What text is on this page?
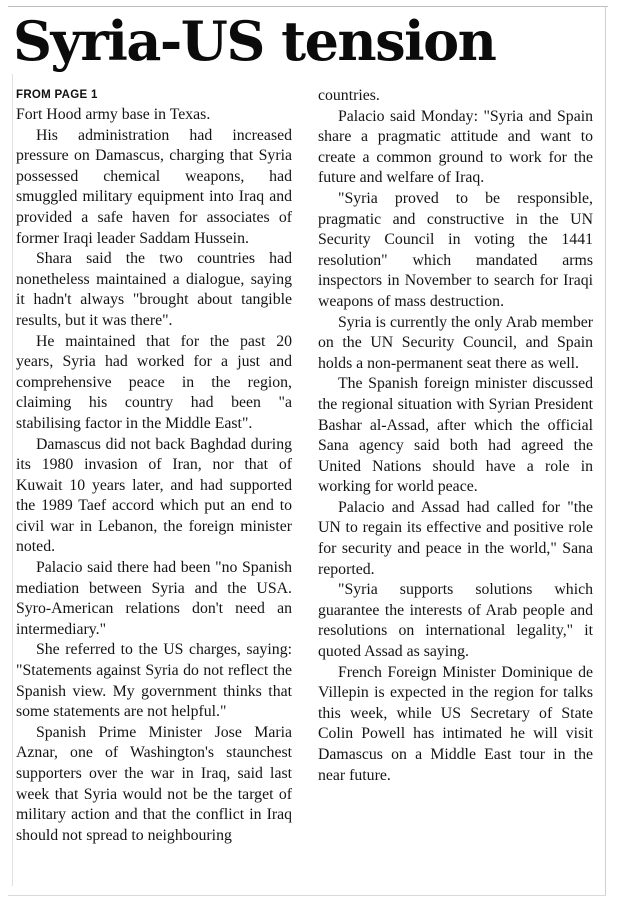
Syria-US tension
FROM PAGE 1

Fort Hood army base in Texas.

His administration had increased pressure on Damascus, charging that Syria possessed chemical weapons, had smuggled military equipment into Iraq and provided a safe haven for associates of former Iraqi leader Saddam Hussein.

Shara said the two countries had nonetheless maintained a dialogue, saying it hadn't always "brought about tangible results, but it was there".

He maintained that for the past 20 years, Syria had worked for a just and comprehensive peace in the region, claiming his country had been "a stabilising factor in the Middle East".

Damascus did not back Baghdad during its 1980 invasion of Iran, nor that of Kuwait 10 years later, and had supported the 1989 Taef accord which put an end to civil war in Lebanon, the foreign minister noted.

Palacio said there had been "no Spanish mediation between Syria and the USA. Syro-American relations don't need an intermediary."

She referred to the US charges, saying: "Statements against Syria do not reflect the Spanish view. My government thinks that some statements are not helpful."

Spanish Prime Minister Jose Maria Aznar, one of Washington's staunchest supporters over the war in Iraq, said last week that Syria would not be the target of military action and that the conflict in Iraq should not spread to neighbouring

countries.

Palacio said Monday: "Syria and Spain share a pragmatic attitude and want to create a common ground to work for the future and welfare of Iraq.

"Syria proved to be responsible, pragmatic and constructive in the UN Security Council in voting the 1441 resolution" which mandated arms inspectors in November to search for Iraqi weapons of mass destruction.

Syria is currently the only Arab member on the UN Security Council, and Spain holds a non-permanent seat there as well.

The Spanish foreign minister discussed the regional situation with Syrian President Bashar al-Assad, after which the official Sana agency said both had agreed the United Nations should have a role in working for world peace.

Palacio and Assad had called for "the UN to regain its effective and positive role for security and peace in the world," Sana reported.

"Syria supports solutions which guarantee the interests of Arab people and resolutions on international legality," it quoted Assad as saying.

French Foreign Minister Dominique de Villepin is expected in the region for talks this week, while US Secretary of State Colin Powell has intimated he will visit Damascus on a Middle East tour in the near future.
